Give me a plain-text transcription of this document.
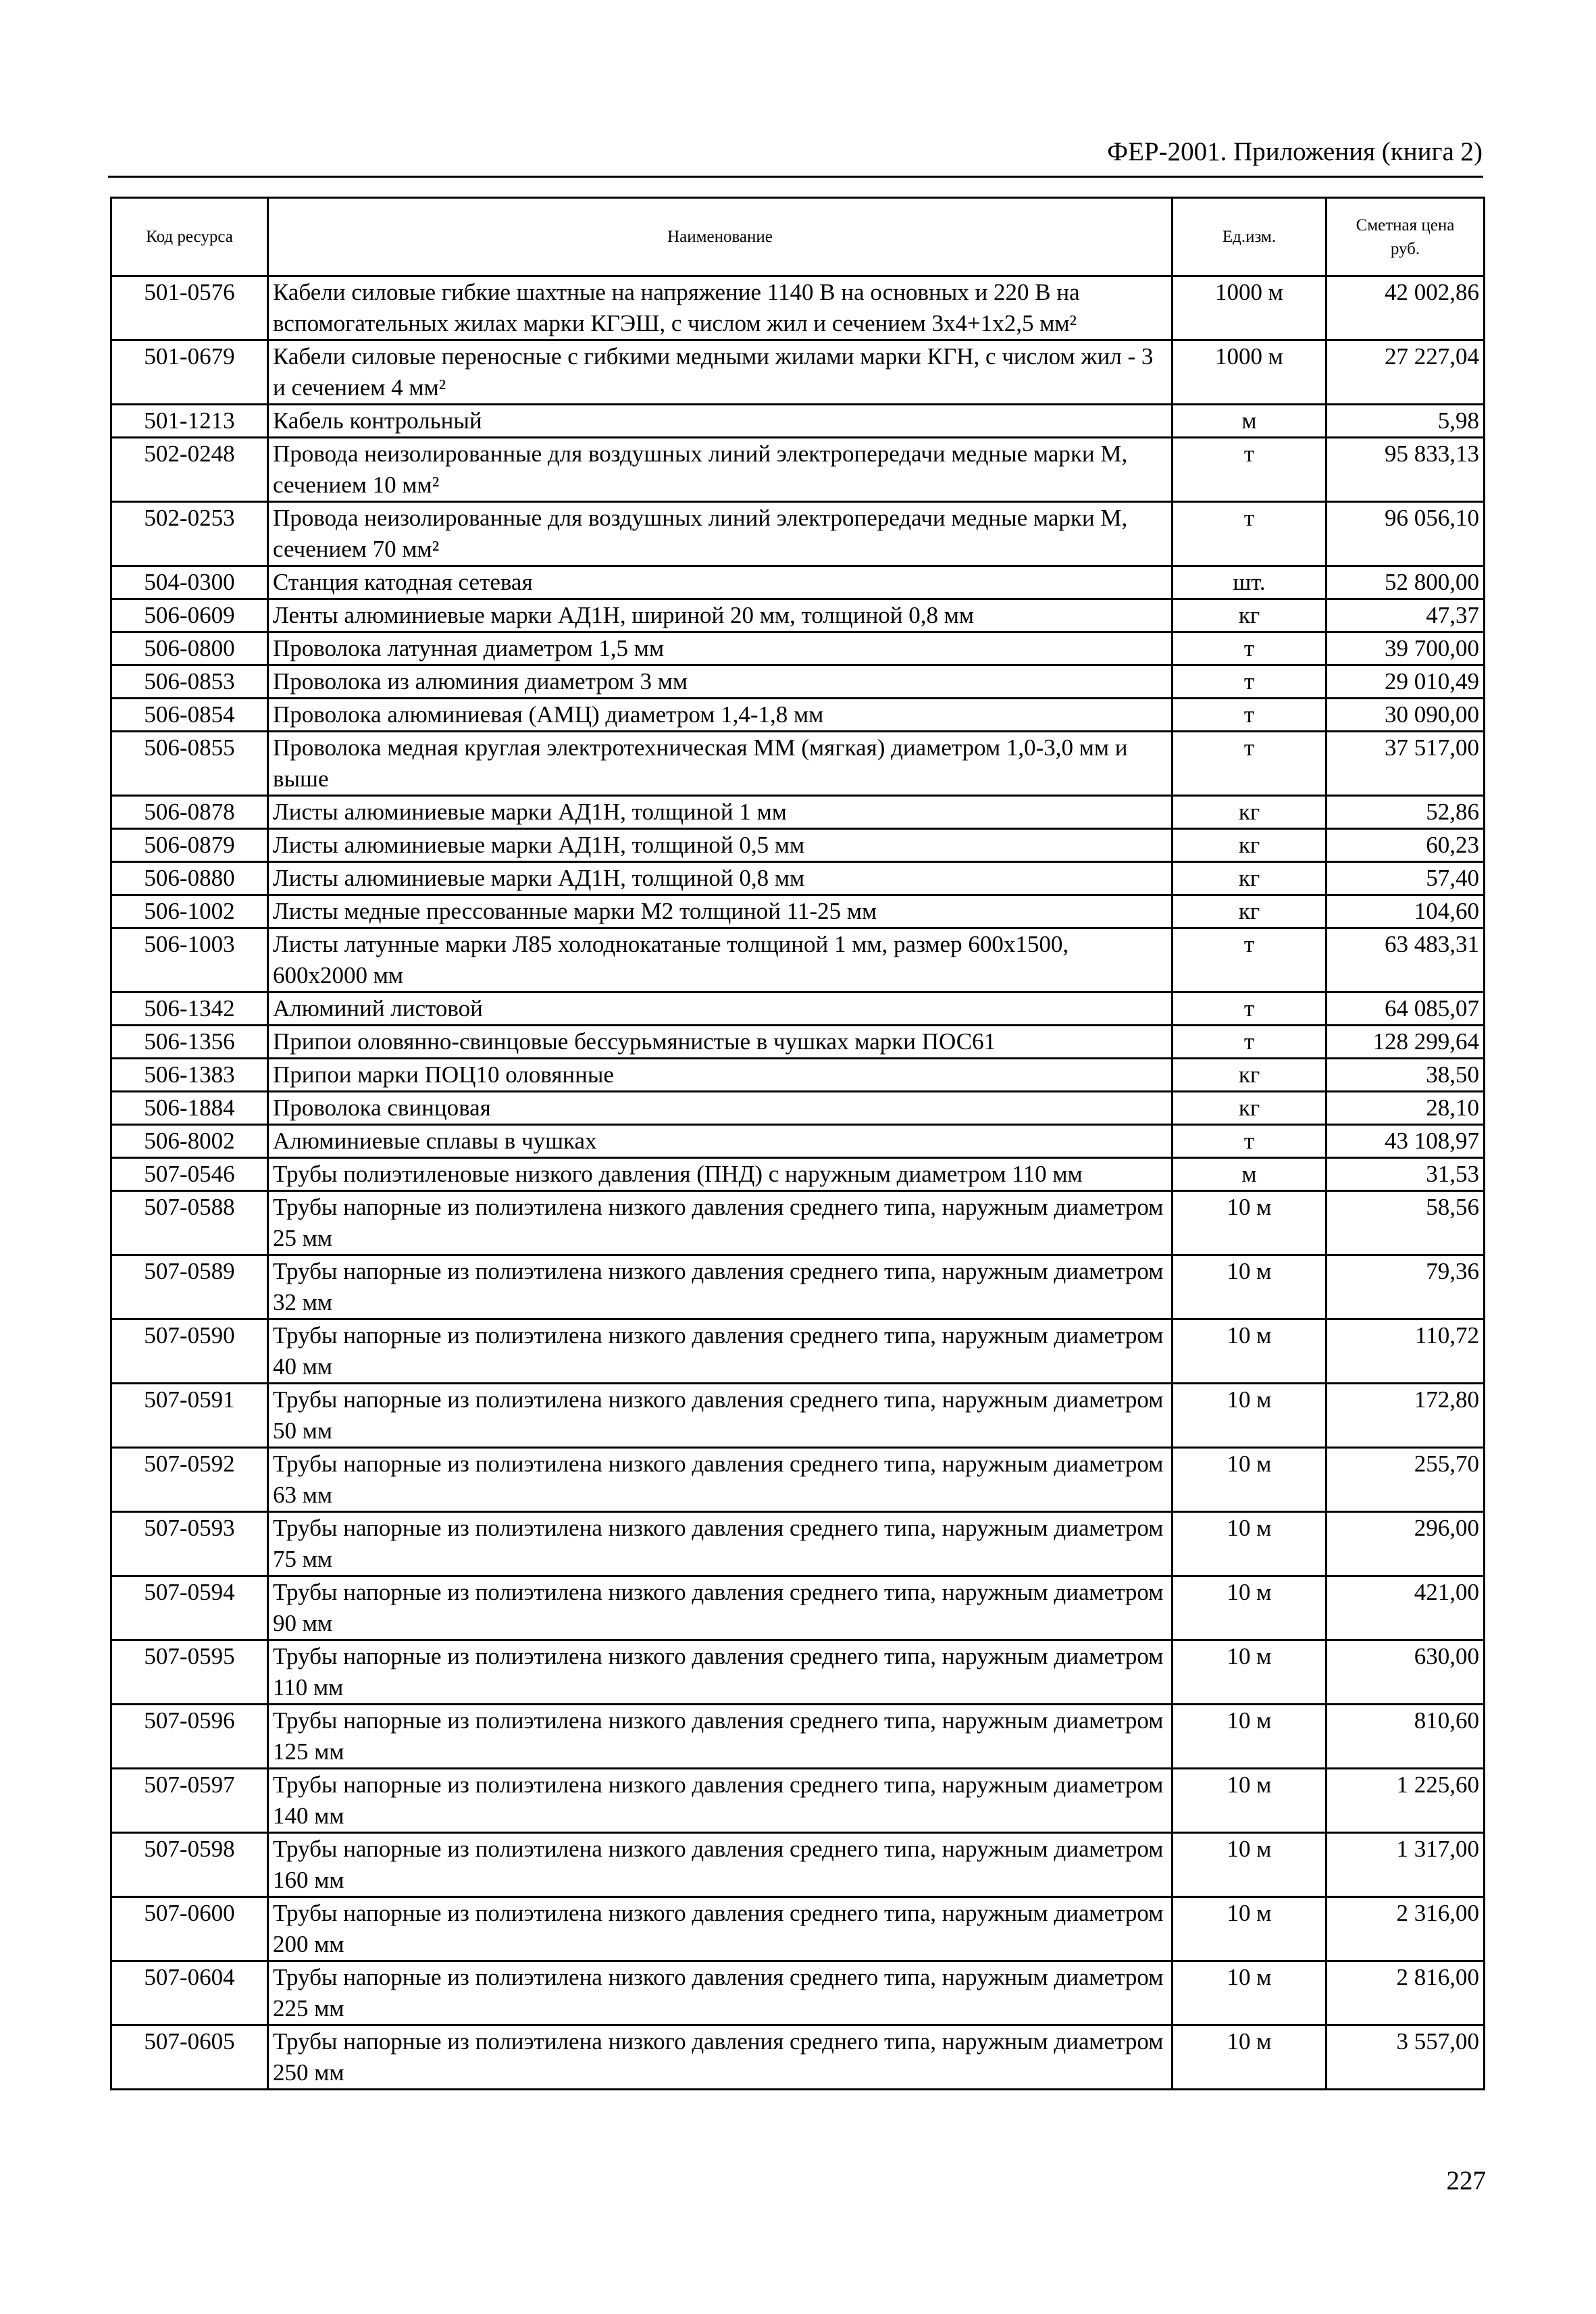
ФЕР-2001. Приложения (книга 2)
Код ресурса	Наименование	Ед.изм.	Сметная цена руб.
501-0576	Кабели силовые гибкие шахтные на напряжение 1140 В на основных и 220 В на вспомогательных жилах марки КГЭШ, с числом жил и сечением 3х4+1х2,5 мм²	1000 м	42 002,86
501-0679	Кабели силовые переносные с гибкими медными жилами марки КГН, с числом жил - 3 и сечением 4 мм²	1000 м	27 227,04
501-1213	Кабель контрольный	м	5,98
502-0248	Провода неизолированные для воздушных линий электропередачи медные марки М, сечением 10 мм²	т	95 833,13
502-0253	Провода неизолированные для воздушных линий электропередачи медные марки М, сечением 70 мм²	т	96 056,10
504-0300	Станция катодная сетевая	шт.	52 800,00
506-0609	Ленты алюминиевые марки АД1Н, шириной 20 мм, толщиной 0,8 мм	кг	47,37
506-0800	Проволока латунная диаметром 1,5 мм	т	39 700,00
506-0853	Проволока из алюминия диаметром 3 мм	т	29 010,49
506-0854	Проволока алюминиевая (АМЦ) диаметром 1,4-1,8 мм	т	30 090,00
506-0855	Проволока медная круглая электротехническая ММ (мягкая) диаметром 1,0-3,0 мм и выше	т	37 517,00
506-0878	Листы алюминиевые марки АД1Н, толщиной 1 мм	кг	52,86
506-0879	Листы алюминиевые марки АД1Н, толщиной 0,5 мм	кг	60,23
506-0880	Листы алюминиевые марки АД1Н, толщиной 0,8 мм	кг	57,40
506-1002	Листы медные прессованные марки М2 толщиной 11-25 мм	кг	104,60
506-1003	Листы латунные марки Л85 холоднокатаные толщиной 1 мм, размер 600х1500, 600х2000 мм	т	63 483,31
506-1342	Алюминий листовой	т	64 085,07
506-1356	Припои оловянно-свинцовые бессурьмянистые в чушках марки ПОС61	т	128 299,64
506-1383	Припои марки ПОЦ10 оловянные	кг	38,50
506-1884	Проволока свинцовая	кг	28,10
506-8002	Алюминиевые сплавы в чушках	т	43 108,97
507-0546	Трубы полиэтиленовые низкого давления (ПНД) с наружным диаметром 110 мм	м	31,53
507-0588	Трубы напорные из полиэтилена низкого давления среднего типа, наружным диаметром 25 мм	10 м	58,56
507-0589	Трубы напорные из полиэтилена низкого давления среднего типа, наружным диаметром 32 мм	10 м	79,36
507-0590	Трубы напорные из полиэтилена низкого давления среднего типа, наружным диаметром 40 мм	10 м	110,72
507-0591	Трубы напорные из полиэтилена низкого давления среднего типа, наружным диаметром 50 мм	10 м	172,80
507-0592	Трубы напорные из полиэтилена низкого давления среднего типа, наружным диаметром 63 мм	10 м	255,70
507-0593	Трубы напорные из полиэтилена низкого давления среднего типа, наружным диаметром 75 мм	10 м	296,00
507-0594	Трубы напорные из полиэтилена низкого давления среднего типа, наружным диаметром 90 мм	10 м	421,00
507-0595	Трубы напорные из полиэтилена низкого давления среднего типа, наружным диаметром 110 мм	10 м	630,00
507-0596	Трубы напорные из полиэтилена низкого давления среднего типа, наружным диаметром 125 мм	10 м	810,60
507-0597	Трубы напорные из полиэтилена низкого давления среднего типа, наружным диаметром 140 мм	10 м	1 225,60
507-0598	Трубы напорные из полиэтилена низкого давления среднего типа, наружным диаметром 160 мм	10 м	1 317,00
507-0600	Трубы напорные из полиэтилена низкого давления среднего типа, наружным диаметром 200 мм	10 м	2 316,00
507-0604	Трубы напорные из полиэтилена низкого давления среднего типа, наружным диаметром 225 мм	10 м	2 816,00
507-0605	Трубы напорные из полиэтилена низкого давления среднего типа, наружным диаметром 250 мм	10 м	3 557,00
227
